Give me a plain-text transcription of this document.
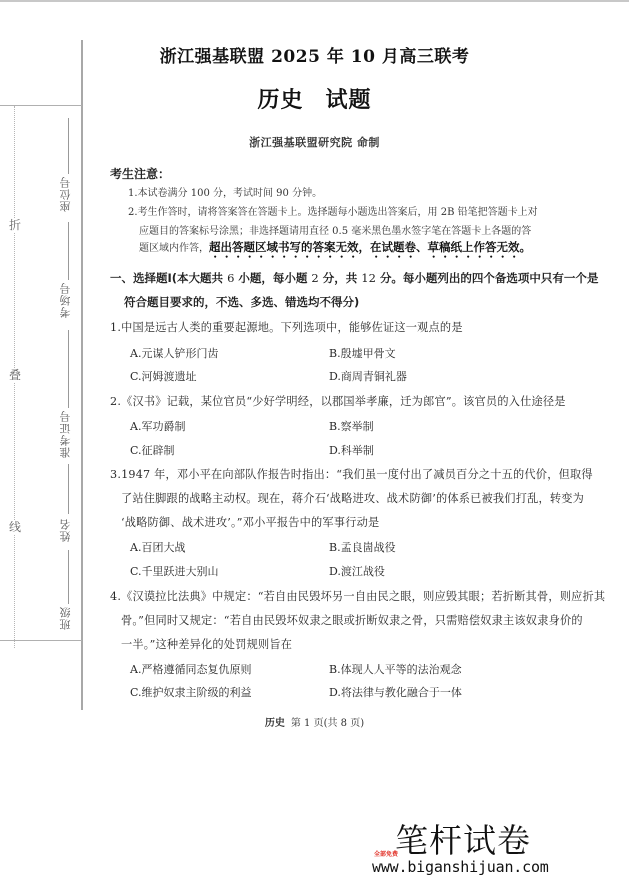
折
叠
线
座位号
考场号
准考证号
姓名
班级
浙江强基联盟 2025 年 10 月高三联考
历史 试题
浙江强基联盟研究院 命制
考生注意：
1.本试卷满分 100 分，考试时间 90 分钟。
2.考生作答时，请将答案答在答题卡上。选择题每小题选出答案后，用 2B 铅笔把答题卡上对
应题目的答案标号涂黑；非选择题请用直径 0.5 毫米黑色墨水签字笔在答题卡上各题的答
题区域内作答，超出答题区域书写的答案无效，在试题卷、草稿纸上作答无效。
一、选择题Ⅰ(本大题共 6 小题，每小题 2 分，共 12 分。每小题列出的四个备选项中只有一个是
符合题目要求的，不选、多选、错选均不得分)
1.中国是远古人类的重要起源地。下列选项中，能够佐证这一观点的是
A.元谋人铲形门齿	B.殷墟甲骨文
C.河姆渡遗址	D.商周青铜礼器
2.《汉书》记载，某位官员“少好学明经，以郡国举孝廉，迁为郎官”。该官员的入仕途径是
A.军功爵制	B.察举制
C.征辟制	D.科举制
3.1947 年，邓小平在向部队作报告时指出：“我们虽一度付出了减员百分之十五的代价，但取得
了站住脚跟的战略主动权。现在，蒋介石‘战略进攻、战术防御’的体系已被我们打乱，转变为
‘战略防御、战术进攻’。”邓小平报告中的军事行动是
A.百团大战	B.孟良崮战役
C.千里跃进大别山	D.渡江战役
4.《汉谟拉比法典》中规定：“若自由民毁坏另一自由民之眼，则应毁其眼；若折断其骨，则应折其
骨。”但同时又规定：“若自由民毁坏奴隶之眼或折断奴隶之骨，只需赔偿奴隶主该奴隶身价的
一半。”这种差异化的处罚规则旨在
A.严格遵循同态复仇原则	B.体现人人平等的法治观念
C.维护奴隶主阶级的利益	D.将法律与教化融合于一体
历史 第 1 页(共 8 页)
笔杆试卷
全部免费
www.biganshijuan.com
